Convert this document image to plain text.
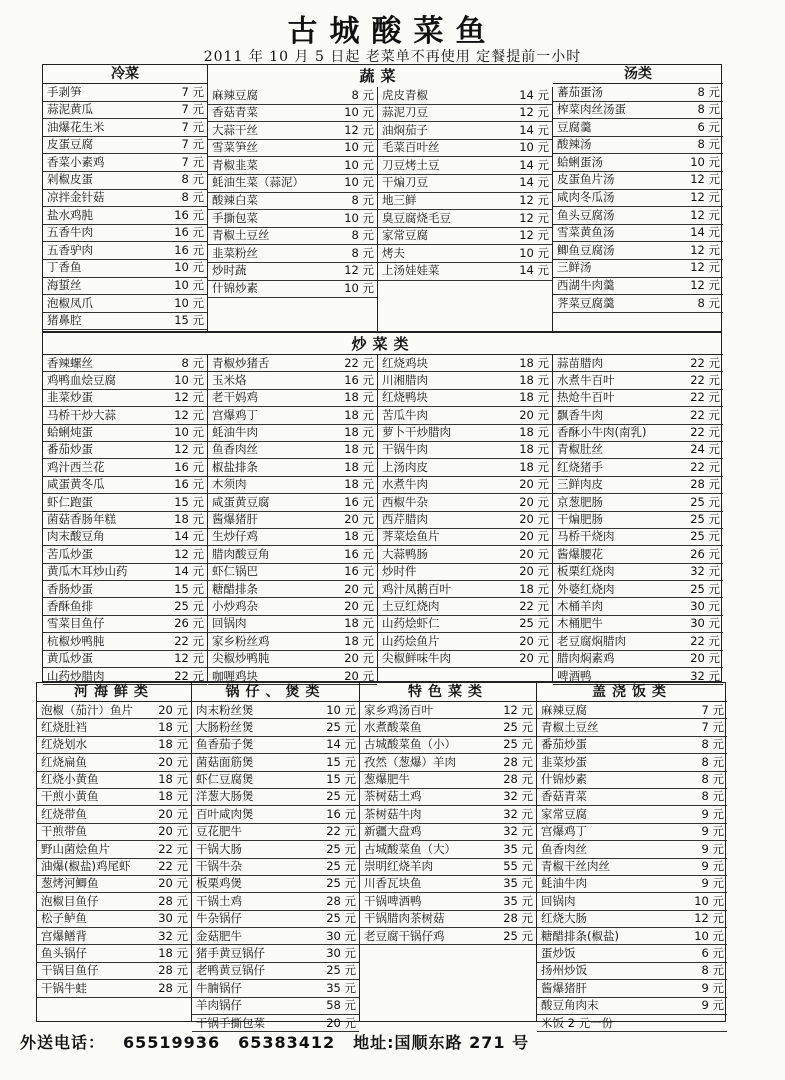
古城酸菜鱼
2011 年 10 月 5 日起 老菜单不再使用 定餐提前一小时
蔬菜
冷菜
手剥笋	7 元
蒜泥黄瓜	7 元
油爆花生米	7 元
皮蛋豆腐	7 元
香菜小素鸡	7 元
剁椒皮蛋	8 元
凉拌金针菇	8 元
盐水鸡肫	16 元
五香牛肉	16 元
五香驴肉	16 元
丁香鱼	10 元
海蜇丝	10 元
泡椒凤爪	10 元
猪鼻腔	15 元
麻辣豆腐	8 元
香菇青菜	10 元
大蒜干丝	12 元
雪菜笋丝	10 元
青椒韭菜	10 元
蚝油生菜（蒜泥）	10 元
酸辣白菜	8 元
手撕包菜	10 元
青椒土豆丝	8 元
韭菜粉丝	8 元
炒时蔬	12 元
什锦炒素	10 元
虎皮青椒	14 元
蒜泥刀豆	12 元
油焖茄子	14 元
毛菜百叶丝	10 元
刀豆烤土豆	14 元
干煸刀豆	14 元
地三鲜	12 元
臭豆腐烧毛豆	12 元
家常豆腐	12 元
烤夫	10 元
上汤娃娃菜	14 元
汤类
蕃茄蛋汤	8 元
榨菜肉丝汤蛋	8 元
豆腐羹	6 元
酸辣汤	8 元
蛤蜊蛋汤	10 元
皮蛋鱼片汤	12 元
咸肉冬瓜汤	12 元
鱼头豆腐汤	12 元
雪菜黄鱼汤	14 元
鲫鱼豆腐汤	12 元
三鲜汤	12 元
西湖牛肉羹	12 元
荠菜豆腐羹	8 元
炒菜类
香辣螺丝	8 元
鸡鸭血烩豆腐	10 元
韭菜炒蛋	12 元
马桥干炒大蒜	12 元
蛤蜊炖蛋	10 元
番茄炒蛋	12 元
鸡汁西兰花	16 元
咸蛋黄冬瓜	16 元
虾仁跑蛋	15 元
菌菇香肠年糕	18 元
肉末酸豆角	14 元
苦瓜炒蛋	12 元
黄瓜木耳炒山药	14 元
香肠炒蛋	15 元
香酥鱼排	25 元
雪菜目鱼仔	26 元
杭椒炒鸭肫	22 元
黄瓜炒蛋	12 元
山药炒腊肉	22 元
青椒炒猪舌	22 元
玉米烙	16 元
老干妈鸡	18 元
宫爆鸡丁	18 元
蚝油牛肉	18 元
鱼香肉丝	18 元
椒盐排条	18 元
木须肉	18 元
咸蛋黄豆腐	16 元
酱爆猪肝	20 元
生炒仔鸡	18 元
腊肉酸豆角	16 元
虾仁锅巴	16 元
糖醋排条	20 元
小炒鸡杂	20 元
回锅肉	18 元
家乡粉丝鸡	18 元
尖椒炒鸭肫	20 元
咖喱鸡块	20 元
红烧鸡块	18 元
川湘腊肉	18 元
红烧鸭块	18 元
苦瓜牛肉	20 元
萝卜干炒腊肉	18 元
干锅牛肉	18 元
上汤肉皮	18 元
水煮牛肉	20 元
西椒牛杂	20 元
西芹腊肉	20 元
荠菜烩鱼片	20 元
大蒜鸭肠	20 元
炒时件	20 元
鸡汁凤鹅百叶	18 元
土豆红烧肉	22 元
山药烩虾仁	25 元
山药烩鱼片	20 元
尖椒鲜味牛肉	20 元
蒜苗腊肉	22 元
水煮牛百叶	22 元
热炝牛百叶	22 元
飘香牛肉	22 元
香酥小牛肉(南乳)	22 元
青椒肚丝	24 元
红烧猪手	22 元
三鲜肉皮	28 元
京葱肥肠	25 元
干煸肥肠	25 元
马桥干烧肉	25 元
酱爆腰花	26 元
板栗红烧肉	32 元
外婆红烧肉	25 元
木桶羊肉	30 元
木桶肥牛	30 元
老豆腐焖腊肉	22 元
腊肉焖素鸡	20 元
啤酒鸭	32 元
河海鲜类
泡椒（茄汁）鱼片 20 元
红烧肚裆	18 元
红烧划水	18 元
红烧扁鱼	20 元
红烧小黄鱼	18 元
干煎小黄鱼	18 元
红烧带鱼	20 元
干煎带鱼	20 元
野山菌烩鱼片	22 元
油爆(椒盐)鸡尾虾 22 元
葱烤河鲫鱼	20 元
泡椒目鱼仔	28 元
松子鲈鱼	30 元
宫爆鳝背	32 元
鱼头锅仔	18 元
干锅目鱼仔	28 元
干锅牛蛙	28 元
锅仔、煲类
肉末粉丝煲	10 元
大肠粉丝煲	25 元
鱼香茄子煲	14 元
菌菇面筋煲	15 元
虾仁豆腐煲	15 元
洋葱大肠煲	25 元
百叶咸肉煲	16 元
豆花肥牛	22 元
干锅大肠	25 元
干锅牛杂	25 元
板栗鸡煲	25 元
干锅土鸡	28 元
牛杂锅仔	25 元
金菇肥牛	30 元
猪手黄豆锅仔	30 元
老鸭黄豆锅仔	25 元
牛腩锅仔	35 元
羊肉锅仔	58 元
干锅手撕包菜	20 元
特色菜类
家乡鸡汤百叶	12 元
水煮酸菜鱼	25 元
古城酸菜鱼（小）	25 元
孜然（葱爆）羊肉	28 元
葱爆肥牛	28 元
茶树菇土鸡	32 元
茶树菇牛肉	32 元
新疆大盘鸡	32 元
古城酸菜鱼（大）	35 元
崇明红烧羊肉	55 元
川香瓦块鱼	35 元
干锅啤酒鸭	35 元
干锅腊肉茶树菇	28 元
老豆腐干锅仔鸡	25 元
盖浇饭类
麻辣豆腐	7 元
青椒土豆丝	7 元
番茄炒蛋	8 元
韭菜炒蛋	8 元
什锦炒素	8 元
香菇青菜	8 元
家常豆腐	9 元
宫爆鸡丁	9 元
鱼香肉丝	9 元
青椒干丝肉丝	9 元
蚝油牛肉	9 元
回锅肉	10 元
红烧大肠	12 元
糖醋排条(椒盐)	10 元
蛋炒饭	6 元
扬州炒饭	8 元
酱爆猪肝	9 元
酸豆角肉末	9 元
米饭 2 元一份
外送电话： 65519936 65383412 地址:国顺东路 271 号
